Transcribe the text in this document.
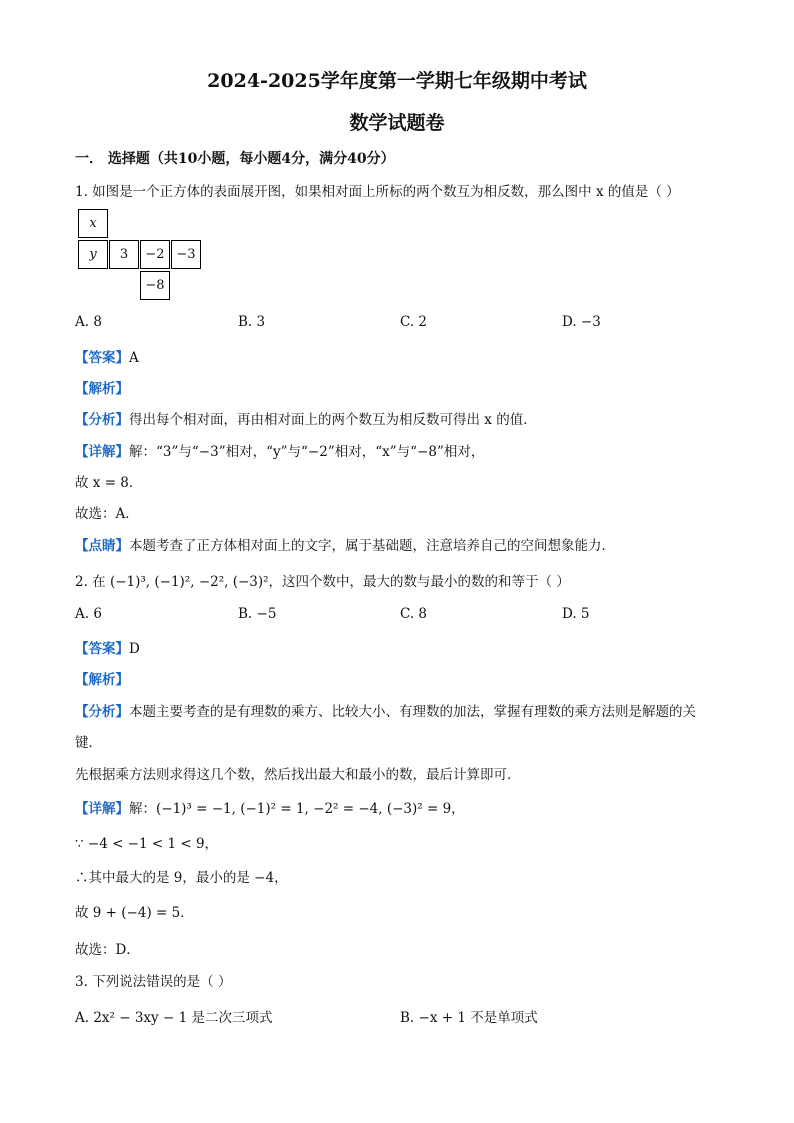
2024-2025学年度第一学期七年级期中考试
数学试题卷
一． 选择题（共10小题，每小题4分，满分40分）
1. 如图是一个正方体的表面展开图，如果相对面上所标的两个数互为相反数，那么图中 x 的值是（ ）
x
y	3	−2 −3
−8
A. 8	B. 3	C. 2	D. −3
【答案】A
【解析】
【分析】得出每个相对面，再由相对面上的两个数互为相反数可得出 x 的值．
【详解】解：“3”与“−3”相对，“y”与“−2”相对，“x”与“−8”相对，
故 x = 8．
故选：A．
【点睛】本题考查了正方体相对面上的文字，属于基础题，注意培养自己的空间想象能力．
2. 在 (−1)³, (−1)², −2², (−3)²，这四个数中，最大的数与最小的数的和等于（ ）
A. 6	B. −5	C. 8	D. 5
【答案】D
【解析】
【分析】本题主要考查的是有理数的乘方、比较大小、有理数的加法，掌握有理数的乘方法则是解题的关
键．
先根据乘方法则求得这几个数，然后找出最大和最小的数，最后计算即可．
【详解】解：(−1)³ = −1, (−1)² = 1, −2² = −4, (−3)² = 9，
∵ −4 < −1 < 1 < 9，
∴其中最大的是 9，最小的是 −4，
故 9 + (−4) = 5．
故选：D．
3. 下列说法错误的是（ ）
A. 2x² − 3xy − 1 是二次三项式	B. −x + 1 不是单项式
